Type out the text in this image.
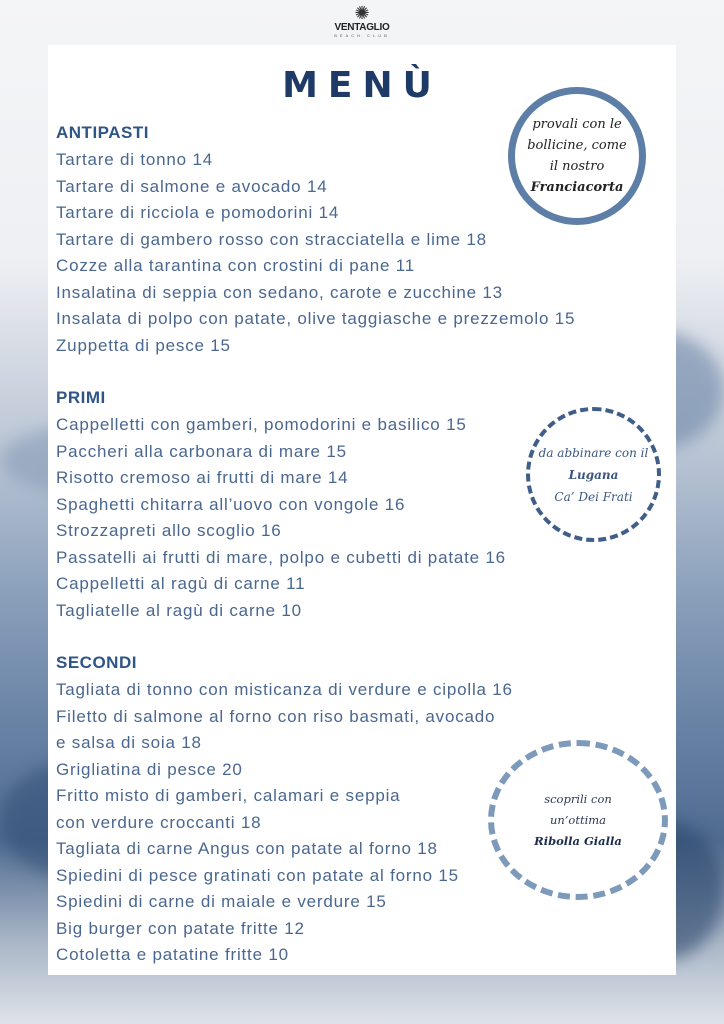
✺
VENTAGLIO
BEACH CLUB
MENÙ
ANTIPASTI
Tartare di tonno 14
Tartare di salmone e avocado 14
Tartare di ricciola e pomodorini 14
Tartare di gambero rosso con stracciatella e lime 18
Cozze alla tarantina con crostini di pane 11
Insalatina di seppia con sedano, carote e zucchine 13
Insalata di polpo con patate, olive taggiasche e prezzemolo 15
Zuppetta di pesce 15
PRIMI
Cappelletti con gamberi, pomodorini e basilico 15
Paccheri alla carbonara di mare 15
Risotto cremoso ai frutti di mare 14
Spaghetti chitarra all’uovo con vongole 16
Strozzapreti allo scoglio 16
Passatelli ai frutti di mare, polpo e cubetti di patate 16
Cappelletti al ragù di carne 11
Tagliatelle al ragù di carne 10
SECONDI
Tagliata di tonno con misticanza di verdure e cipolla 16
Filetto di salmone al forno con riso basmati, avocado
e salsa di soia 18
Grigliatina di pesce 20
Fritto misto di gamberi, calamari e seppia
con verdure croccanti 18
Tagliata di carne Angus con patate al forno 18
Spiedini di pesce gratinati con patate al forno 15
Spiedini di carne di maiale e verdure 15
Big burger con patate fritte 12
Cotoletta e patatine fritte 10
provali con le
bollicine, come
il nostro
Franciacorta
da abbinare con il
Lugana
Ca’ Dei Frati
scoprili con
un’ottima
Ribolla Gialla
